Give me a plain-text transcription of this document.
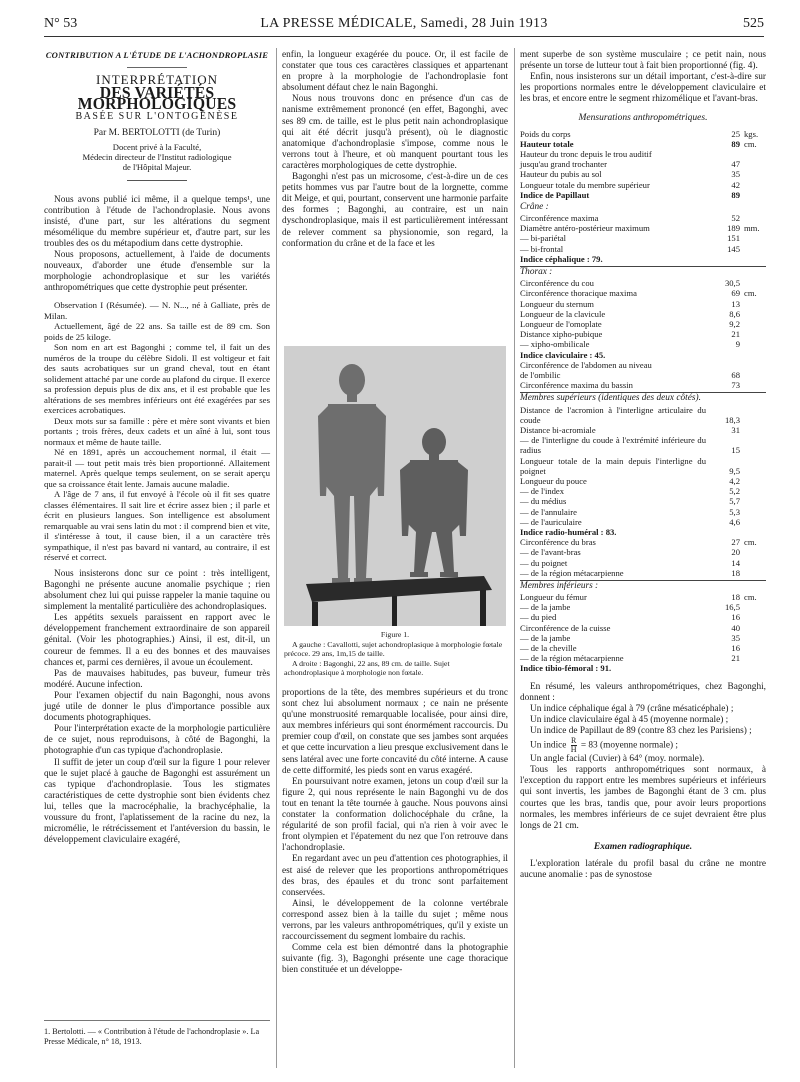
N° 53	LA PRESSE MÉDICALE, Samedi, 28 Juin 1913	525
CONTRIBUTION A L'ÉTUDE DE L'ACHONDROPLASIE
INTERPRÉTATION
DES VARIÉTÉS MORPHOLOGIQUES
BASÉE SUR L'ONTOGENÈSE
Par M. BERTOLOTTI (de Turin)
Docent privé à la Faculté,
Médecin directeur de l'Institut radiologique
de l'Hôpital Majeur.

Nous avons publié ici même, il a quelque temps¹, une contribution à l'étude de l'achondroplasie. Nous avons insisté, d'une part, sur les altérations du segment mésomélique du membre supérieur et, d'autre part, sur les troubles des os du métapodium dans cette dystrophie.

Nous proposons, actuellement, à l'aide de documents nouveaux, d'aborder une étude d'ensemble sur la morphologie achondroplasique et sur les variétés anthropométriques que cette dystrophie peut présenter.

Observation I (Résumée). — N. N..., né à Galliate, près de Milan.

Actuellement, âgé de 22 ans. Sa taille est de 89 cm. Son poids de 25 kiloge.

Son nom en art est Bagonghi ; comme tel, il fait un des numéros de la troupe du célèbre Sidoli. Il est voltigeur et fait des sauts acrobatiques sur un grand cheval, tout en étant solidement attaché par une corde au plafond du cirque. Il exerce sa profession depuis plus de dix ans, et il est probable que les altérations de ses membres inférieurs ont été exagérées par ses exercices acrobatiques.

Deux mots sur sa famille : père et mère sont vivants et bien portants ; trois frères, deux cadets et un aîné à lui, sont tous normaux et même de haute taille.

Né en 1891, après un accouchement normal, il était — parait-il — tout petit mais très bien proportionné. Allaitement maternel. Après quelque temps seulement, on se serait aperçu que sa croissance était lente. Jamais aucune maladie.

A l'âge de 7 ans, il fut envoyé à l'école où il fit ses quatre classes élémentaires. Il sait lire et écrire assez bien ; il parle et écrit en plusieurs langues. Son intelligence est absolument remarquable au vrai sens latin du mot : il comprend bien et vite, il s'intéresse à tout, il cause bien, il a un caractère très sympathique, il n'est pas bavard ni vantard, au contraire, il est réservé et correct.

Nous insisterons donc sur ce point : très intelligent, Bagonghi ne présente aucune anomalie psychique ; rien absolument chez lui qui puisse rappeler la manie taquine ou simplement la mentalité particulière des achondroplasiques.

Les appétits sexuels paraissent en rapport avec le développement franchement extraordinaire de son appareil génital. (Voir les photographies.) Ainsi, il est, dit-il, un coureur de femmes. Il a eu des bonnes et des mauvaises chances et, parmi ces dernières, il avoue un écoulement.

Pas de mauvaises habitudes, pas buveur, fumeur très modéré. Aucune infection.

Pour l'examen objectif du nain Bagonghi, nous avons jugé utile de donner le plus d'importance possible aux documents photographiques.

Pour l'interprétation exacte de la morphologie particulière de ce sujet, nous reproduisons, à côté de Bagonghi, la photographie d'un cas typique d'achondroplasie.

Il suffit de jeter un coup d'œil sur la figure 1 pour relever que le sujet placé à gauche de Bagonghi est assurément un cas typique d'achondroplasie. Tous les stigmates caractéristiques de cette dystrophie sont bien évidents chez lui, telles que la macrocéphalie, la brachycéphalie, la voussure du front, l'aplatissement de la racine du nez, la micromélie, le rétrécissement et l'antéversion du bassin, le développement claviculaire exagéré,

1. Bertolotti. — « Contribution à l'étude de l'achondroplasie ». La Presse Médicale, n° 18, 1913.

enfin, la longueur exagérée du pouce. Or, il est facile de constater que tous ces caractères classiques et appartenant en propre à la morphologie de l'achondroplasie font absolument défaut chez le nain Bagonghi.

Nous nous trouvons donc en présence d'un cas de nanisme extrêmement prononcé (en effet, Bagonghi, avec ses 89 cm. de taille, est le plus petit nain achondroplasique qui ait été décrit jusqu'à présent), où le diagnostic anatomique d'achondroplasie s'impose, comme nous le verrons tout à l'heure, et où manquent pourtant tous les caractères morphologiques de cette dystrophie.

Bagonghi n'est pas un microsome, c'est-à-dire un de ces petits hommes vus par l'autre bout de la lorgnette, comme dit Meige, et qui, pourtant, conservent une harmonie parfaite des formes ; Bagonghi, au contraire, est un nain dyschondroplasique, mais il est particulièrement intéressant de relever comment sa physionomie, son regard, la conformation du crâne et de la face et les

Figure 1.
A gauche : Cavallotti, sujet achondroplasique à morphologie fœtale précoce. 29 ans, 1m,15 de taille.
A droite : Bagonghi, 22 ans, 89 cm. de taille. Sujet achondroplasique à morphologie non fœtale.

proportions de la tête, des membres supérieurs et du tronc sont chez lui absolument normaux ; ce nain ne présente qu'une monstruosité remarquable localisée, pour ainsi dire, aux membres inférieurs qui sont énormément raccourcis. Du premier coup d'œil, on constate que ses jambes sont arquées et que cette incurvation a lieu presque exclusivement dans le sens latéral avec une forte concavité du côté interne. A cause de cette difformité, les pieds sont en varus exagéré.

En poursuivant notre examen, jetons un coup d'œil sur la figure 2, qui nous représente le nain Bagonghi vu de dos tout en tenant la tête tournée à gauche. Nous pouvons ainsi constater la conformation dolichocéphale du crâne, la régularité de son profil facial, qui n'a rien à voir avec le front olympien et l'épatement du nez que l'on retrouve dans l'achondroplasie.

En regardant avec un peu d'attention ces photographies, il est aisé de relever que les proportions anthropométriques des bras, des épaules et du tronc sont parfaitement conservées.

Ainsi, le développement de la colonne vertébrale correspond assez bien à la taille du sujet ; même nous verrons, par les valeurs anthropométriques, qu'il y existe un raccourcissement du segment lombaire du rachis.

Comme cela est bien démontré dans la photographie suivante (fig. 3), Bagonghi présente une cage thoracique bien constituée et un développe-

ment superbe de son système musculaire ; ce petit nain, nous présente un torse de lutteur tout à fait bien proportionné (fig. 4).

Enfin, nous insisterons sur un détail important, c'est-à-dire sur les proportions normales entre le développement claviculaire et les bras, et encore entre le segment rhizomélique et l'avant-bras.

Mensurations anthropométriques.
Poids du corps	25	kgs.
Hauteur totale	89	cm.
Hauteur du tronc depuis le trou auditif		
jusqu'au grand trochanter	47	
Hauteur du pubis au sol	35	
Longueur totale du membre supérieur	42	
Indice de Papillaut	89	
Crâne :
Circonférence maxima	52	
Diamètre antéro-postérieur maximum	189	mm.
— bi-pariétal	151	
— bi-frontal	145	
Indice céphalique : 79.		
Thorax :
Circonférence du cou	30,5	
Circonférence thoracique maxima	69	cm.
Longueur du sternum	13	
Longueur de la clavicule	8,6	
Longueur de l'omoplate	9,2	
Distance xipho-pubique	21	
— xipho-ombilicale	9	
Indice claviculaire : 45.		
Circonférence de l'abdomen au niveau		
de l'ombilic	68	
Circonférence maxima du bassin	73	
Membres supérieurs (identiques des deux côtés).
Distance de l'acromion à l'interligne articulaire du coude	18,3	
Distance bi-acromiale	31	
— de l'interligne du coude à l'extrémité inférieure du radius	15	
Longueur totale de la main depuis l'interligne du poignet	9,5	
Longueur du pouce	4,2	
— de l'index	5,2	
— du médius	5,7	
— de l'annulaire	5,3	
— de l'auriculaire	4,6	
Indice radio-huméral : 83.		
Circonférence du bras	27	cm.
— de l'avant-bras	20	
— du poignet	14	
— de la région métacarpienne	18	
Membres inférieurs :
Longueur du fémur	18	cm.
— de la jambe	16,5	
— du pied	16	
Circonférence de la cuisse	40	
— de la jambe	35	
— de la cheville	16	
— de la région métacarpienne	21	
Indice tibio-fémoral : 91.		

En résumé, les valeurs anthropométriques, chez Bagonghi, donnent :

Un indice céphalique égal à 79 (crâne mésaticéphale) ;

Un indice claviculaire égal à 45 (moyenne normale) ;

Un indice de Papillaut de 89 (contre 83 chez les Parisiens) ;

Un indice $\frac{R}{H} = 83$ (moyenne normale) ;

Un angle facial (Cuvier) à 64° (moy. normale).

Tous les rapports anthropométriques sont normaux, à l'exception du rapport entre les membres supérieurs et inférieurs qui sont invertis, les jambes de Bagonghi étant de 3 cm. plus courtes que les bras, tandis que, pour avoir leurs proportions normales, les membres inférieurs de ce sujet devraient être plus longs de 21 cm.

Examen radiographique.

L'exploration latérale du profil basal du crâne ne montre aucune anomalie : pas de synostose
